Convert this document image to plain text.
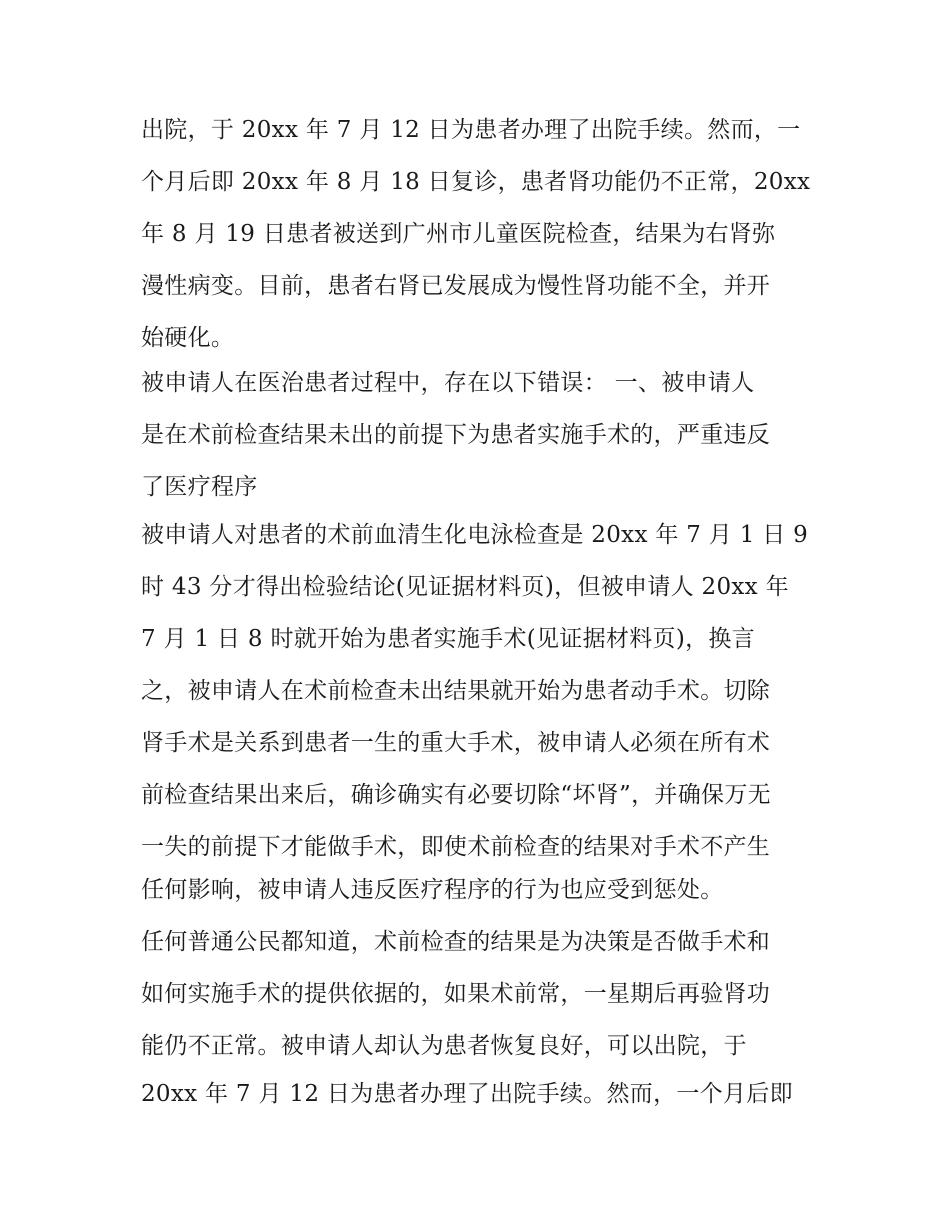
出院，于 20xx 年 7 月 12 日为患者办理了出院手续。然而，一
个月后即 20xx 年 8 月 18 日复诊，患者肾功能仍不正常，20xx
年 8 月 19 日患者被送到广州市儿童医院检查，结果为右肾弥
漫性病变。目前，患者右肾已发展成为慢性肾功能不全，并开
始硬化。
被申请人在医治患者过程中，存在以下错误： 一、被申请人
是在术前检查结果未出的前提下为患者实施手术的，严重违反
了医疗程序
被申请人对患者的术前血清生化电泳检查是 20xx 年 7 月 1 日 9
时 43 分才得出检验结论(见证据材料页)，但被申请人 20xx 年
7 月 1 日 8 时就开始为患者实施手术(见证据材料页)，换言
之，被申请人在术前检查未出结果就开始为患者动手术。切除
肾手术是关系到患者一生的重大手术，被申请人必须在所有术
前检查结果出来后，确诊确实有必要切除“坏肾”，并确保万无
一失的前提下才能做手术，即使术前检查的结果对手术不产生
任何影响，被申请人违反医疗程序的行为也应受到惩处。
任何普通公民都知道，术前检查的结果是为决策是否做手术和
如何实施手术的提供依据的，如果术前常，一星期后再验肾功
能仍不正常。被申请人却认为患者恢复良好，可以出院，于
20xx 年 7 月 12 日为患者办理了出院手续。然而，一个月后即
